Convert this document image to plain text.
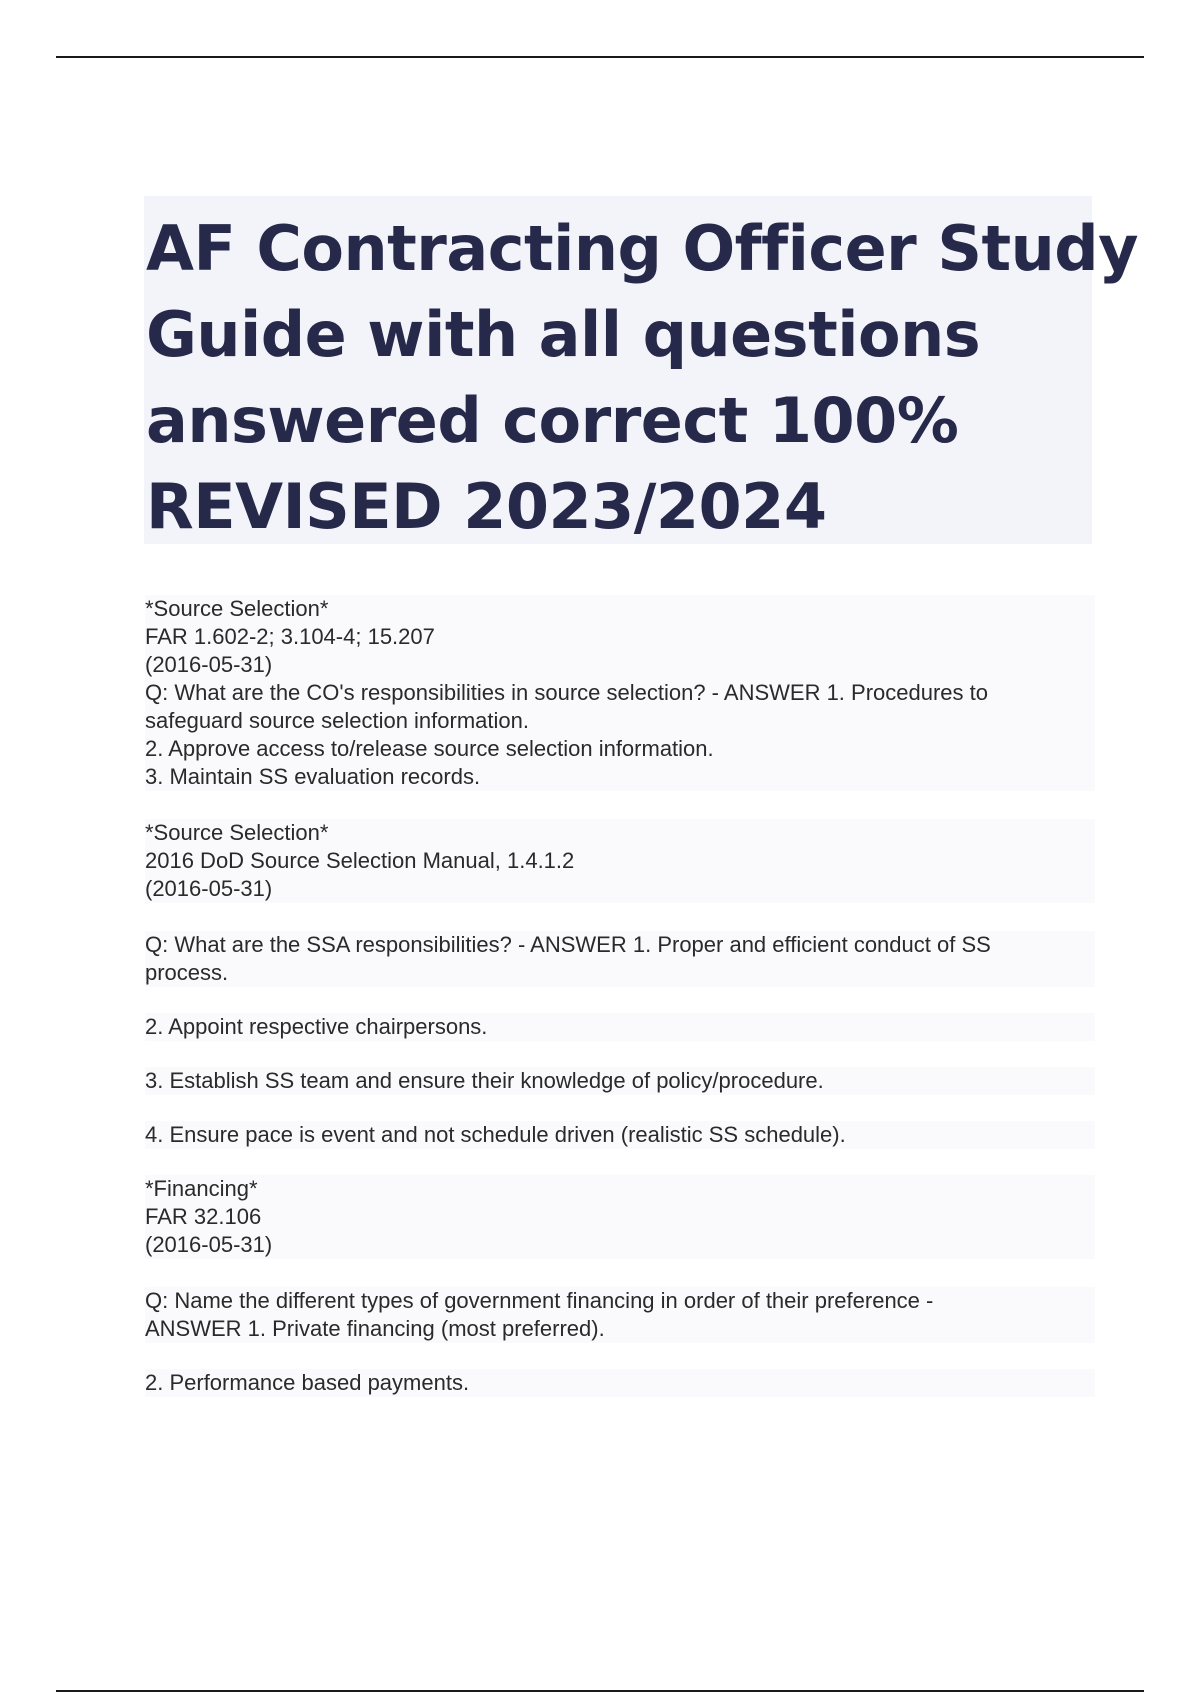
AF Contracting Officer Study
Guide with all questions
answered correct 100%
REVISED 2023/2024
*Source Selection*
FAR 1.602-2; 3.104-4; 15.207
(2016-05-31)
Q: What are the CO's responsibilities in source selection? - ANSWER 1. Procedures to
safeguard source selection information.
2. Approve access to/release source selection information.
3. Maintain SS evaluation records.
*Source Selection*
2016 DoD Source Selection Manual, 1.4.1.2
(2016-05-31)
Q: What are the SSA responsibilities? - ANSWER 1. Proper and efficient conduct of SS
process.
2. Appoint respective chairpersons.
3. Establish SS team and ensure their knowledge of policy/procedure.
4. Ensure pace is event and not schedule driven (realistic SS schedule).
*Financing*
FAR 32.106
(2016-05-31)
Q: Name the different types of government financing in order of their preference -
ANSWER 1. Private financing (most preferred).
2. Performance based payments.
